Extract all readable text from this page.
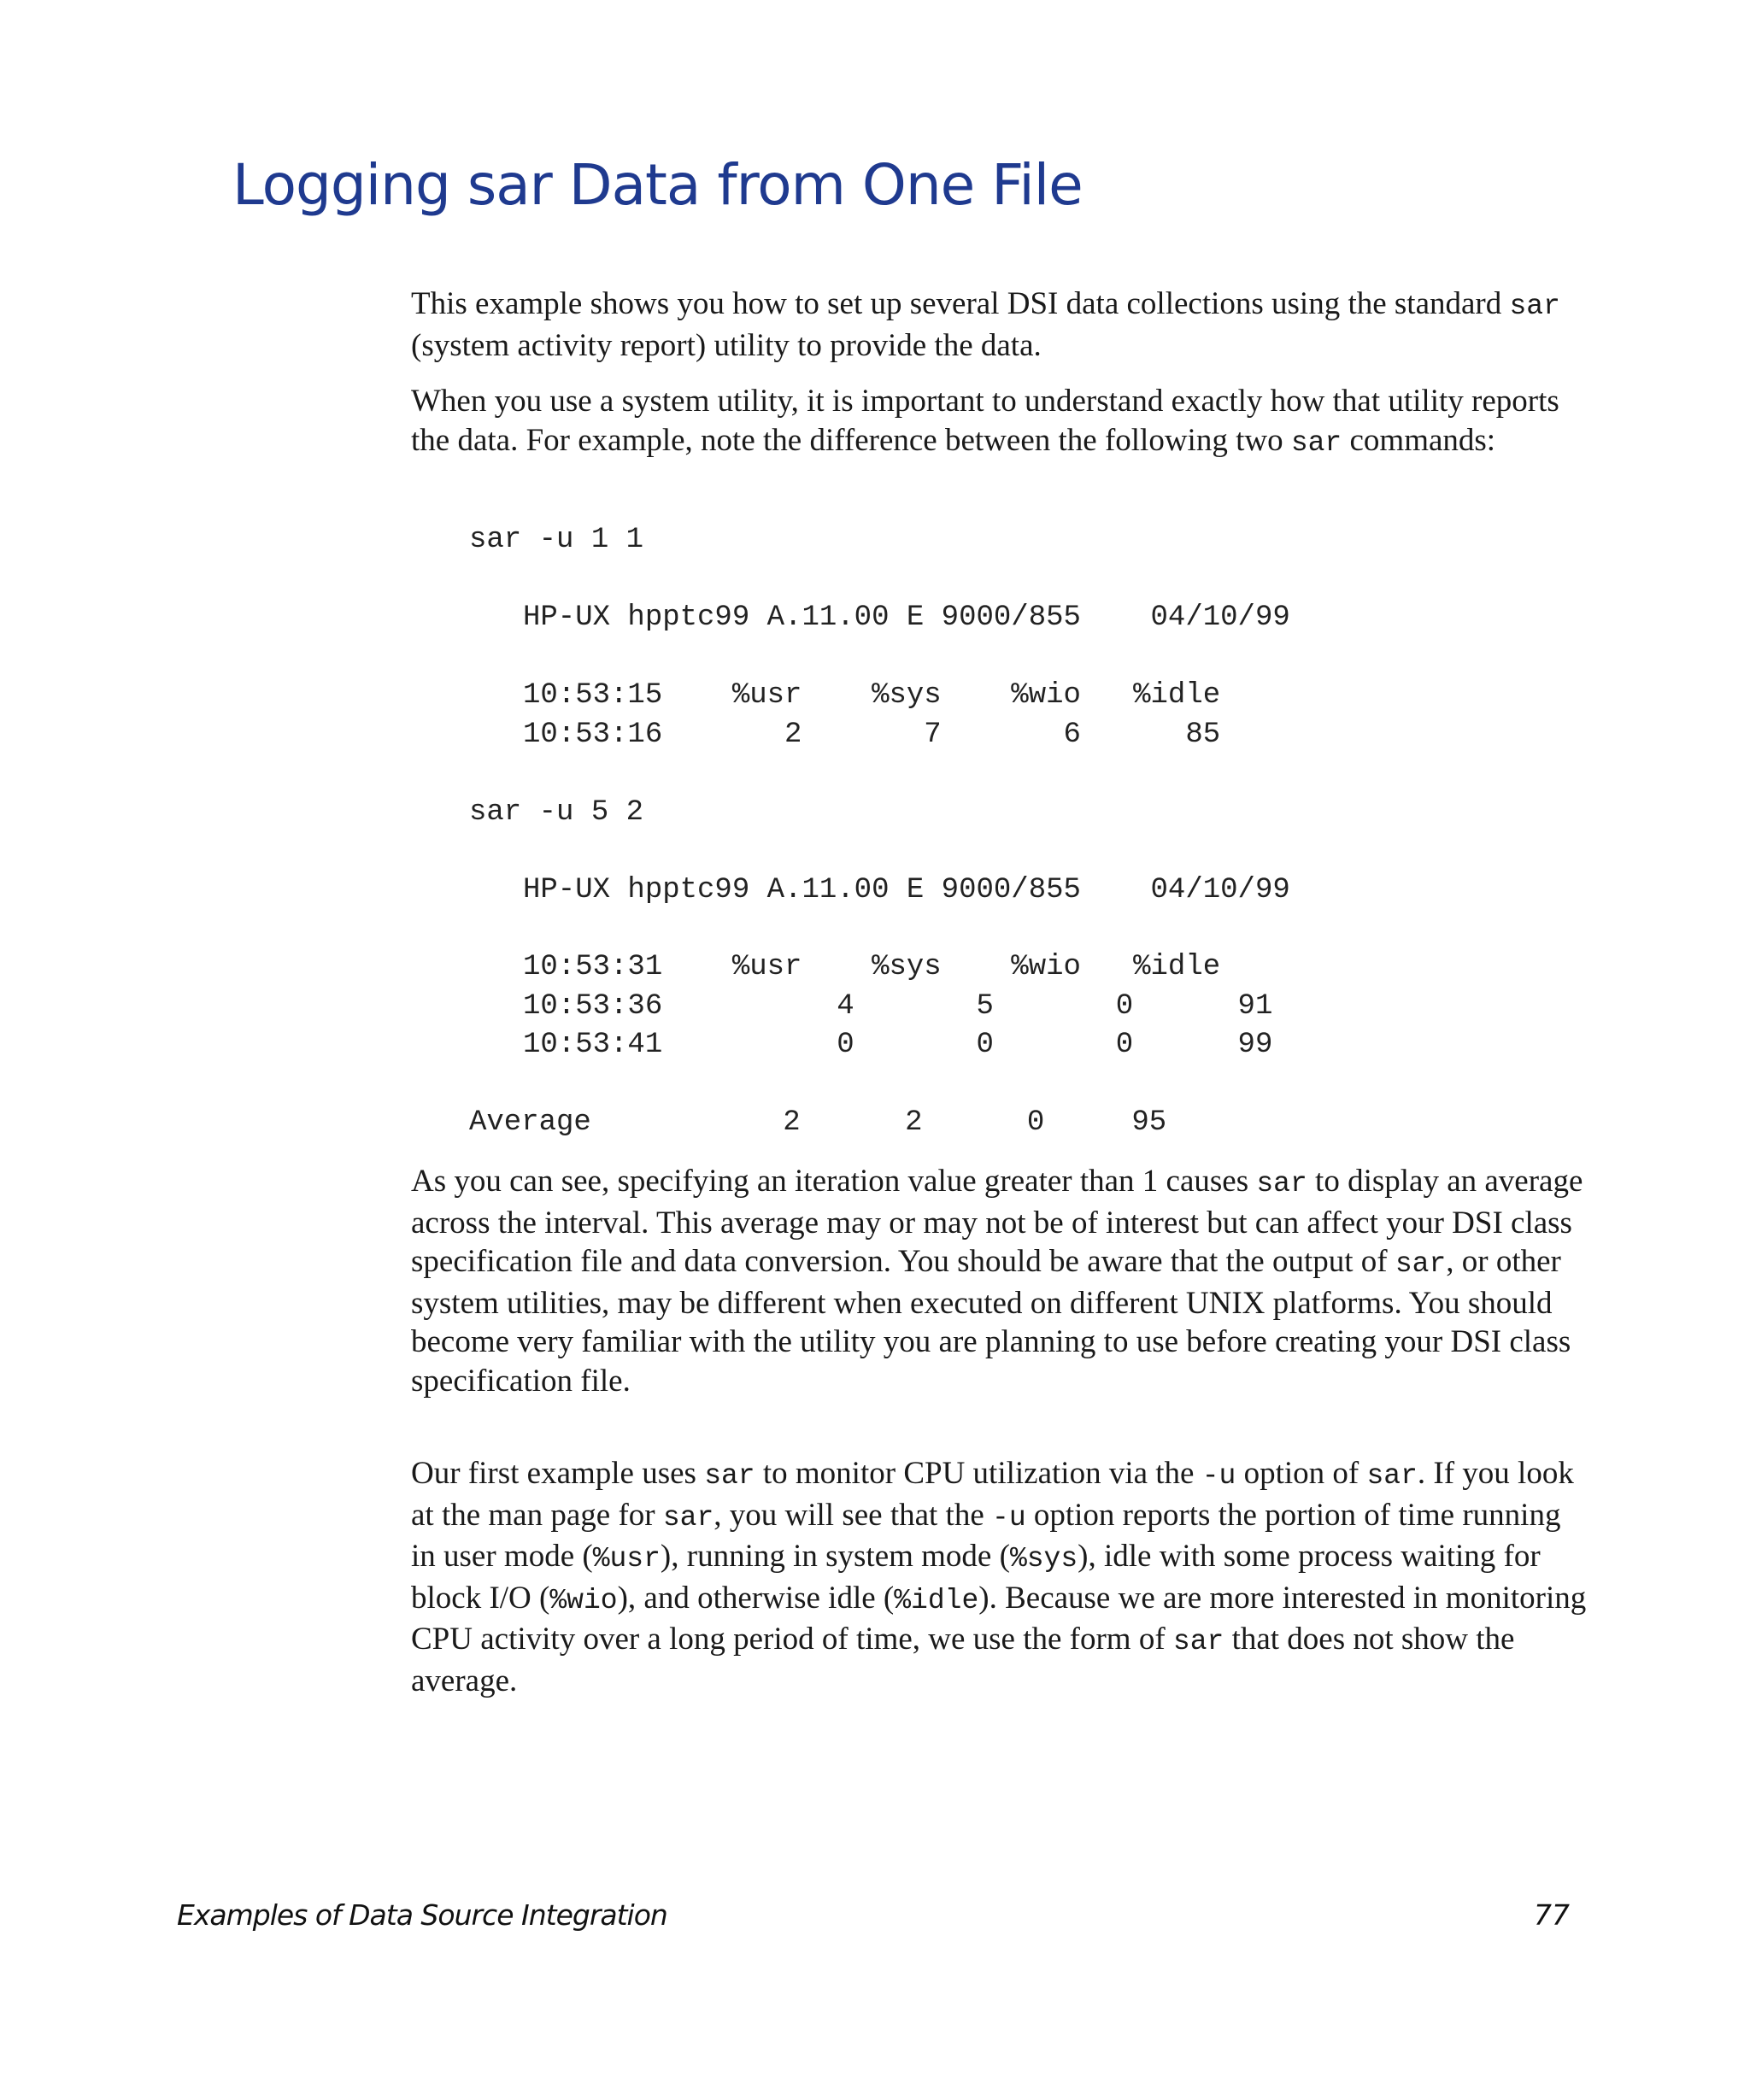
Logging sar Data from One File

This example shows you how to set up several DSI data collections using the standard sar (system activity report) utility to provide the data.

When you use a system utility, it is important to understand exactly how that utility reports the data. For example, note the difference between the following two sar commands:

sar -u 1 1
HP-UX hpptc99 A.11.00 E 9000/855    04/10/99
10:53:15    %usr    %sys    %wio   %idle
10:53:16       2       7       6      85
sar -u 5 2
HP-UX hpptc99 A.11.00 E 9000/855    04/10/99
10:53:31    %usr    %sys    %wio   %idle
10:53:36          4       5       0      91
10:53:41          0       0       0      99
Average           2      2      0     95

As you can see, specifying an iteration value greater than 1 causes sar to display an average across the interval. This average may or may not be of interest but can affect your DSI class specification file and data conversion. You should be aware that the output of sar, or other system utilities, may be different when executed on different UNIX platforms. You should become very familiar with the utility you are planning to use before creating your DSI class specification file.

Our first example uses sar to monitor CPU utilization via the -u option of sar. If you look at the man page for sar, you will see that the -u option reports the portion of time running in user mode (%usr), running in system mode (%sys), idle with some process waiting for block I/O (%wio), and otherwise idle (%idle). Because we are more interested in monitoring CPU activity over a long period of time, we use the form of sar that does not show the average.

Examples of Data Source Integration	77
